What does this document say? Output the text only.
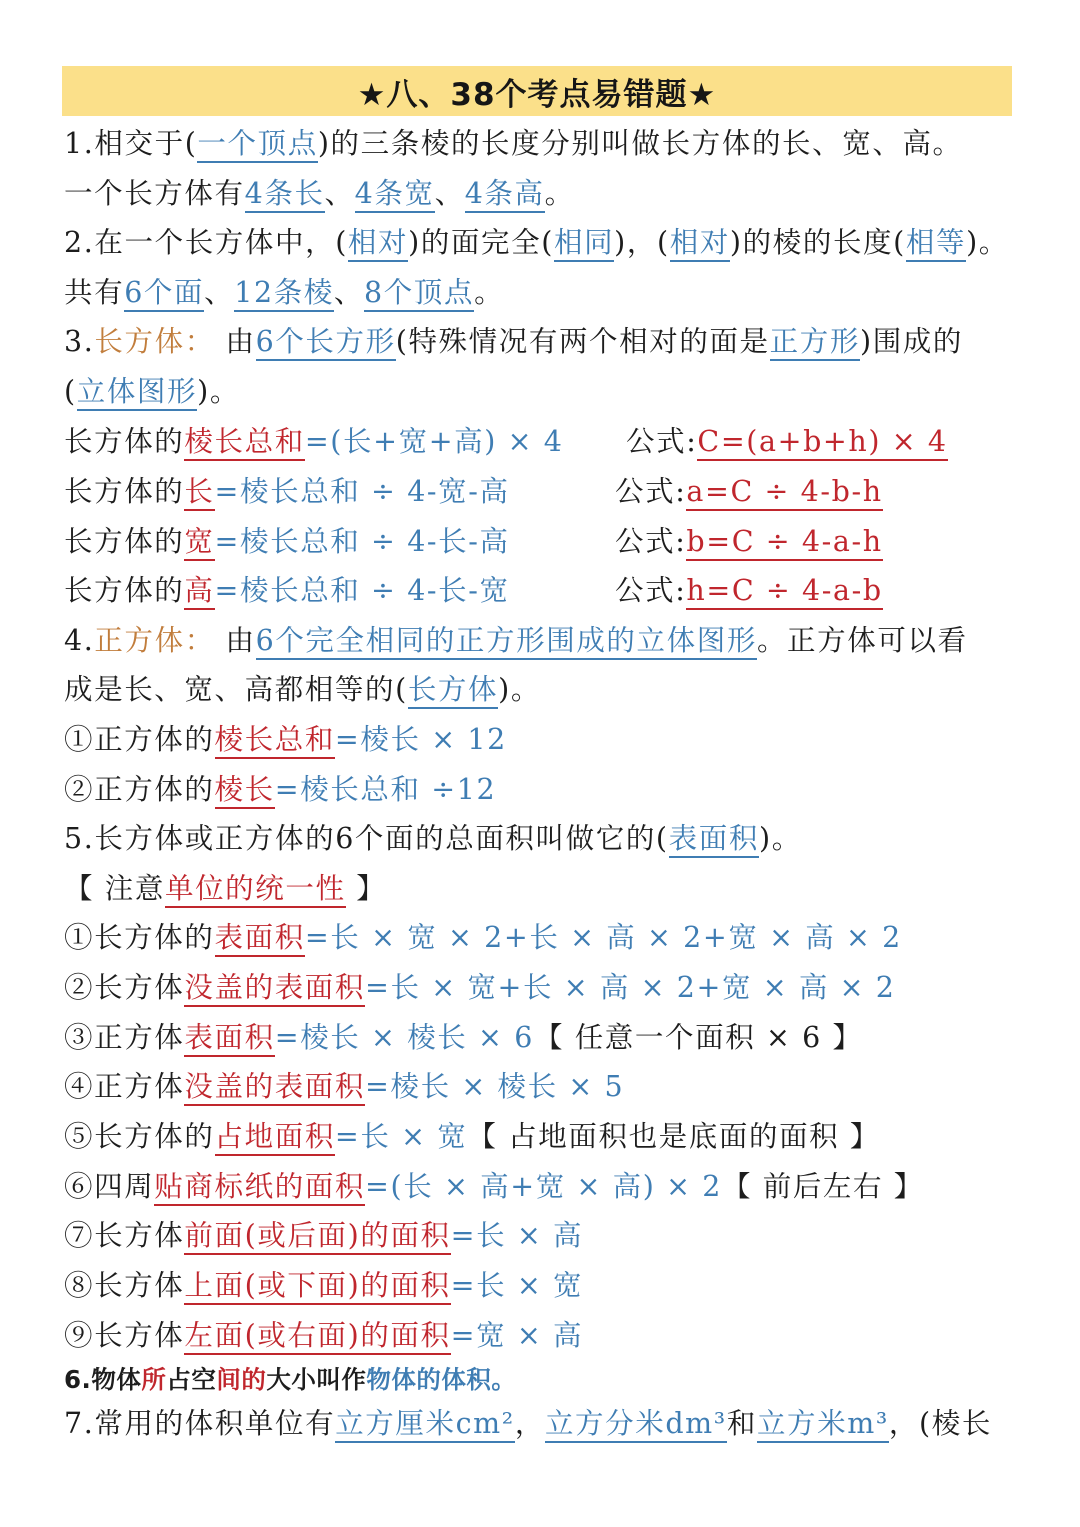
★八、38个考点易错题★
1.相交于(一个顶点)的三条棱的长度分别叫做长方体的长、宽、高。
一个长方体有4条长、4条宽、4条高。
2.在一个长方体中，(相对)的面完全(相同)，(相对)的棱的长度(相等)。
共有6个面、12条棱、8个顶点。
3.长方体： 由6个长方形(特殊情况有两个相对的面是正方形)围成的
(立体图形)。
长方体的棱长总和=(长+宽+高) × 4 公式:C=(a+b+h) × 4
长方体的长=棱长总和 ÷ 4-宽-高	公式:a=C ÷ 4-b-h
长方体的宽=棱长总和 ÷ 4-长-高	公式:b=C ÷ 4-a-h
长方体的高=棱长总和 ÷ 4-长-宽	公式:h=C ÷ 4-a-b
4.正方体： 由6个完全相同的正方形围成的立体图形。正方体可以看
成是长、宽、高都相等的(长方体)。
①正方体的棱长总和=棱长 × 12
②正方体的棱长=棱长总和 ÷12
5.长方体或正方体的6个面的总面积叫做它的(表面积)。
【 注意单位的统一性 】
①长方体的表面积=长 × 宽 × 2+长 × 高 × 2+宽 × 高 × 2
②长方体没盖的表面积=长 × 宽+长 × 高 × 2+宽 × 高 × 2
③正方体表面积=棱长 × 棱长 × 6【 任意一个面积 × 6 】
④正方体没盖的表面积=棱长 × 棱长 × 5
⑤长方体的占地面积=长 × 宽【 占地面积也是底面的面积 】
⑥四周贴商标纸的面积=(长 × 高+宽 × 高) × 2【 前后左右 】
⑦长方体前面(或后面)的面积=长 × 高
⑧长方体上面(或下面)的面积=长 × 宽
⑨长方体左面(或右面)的面积=宽 × 高
6.物体所占空间的大小叫作物体的体积。
7.常用的体积单位有立方厘米cm²，立方分米dm³和立方米m³，(棱长
